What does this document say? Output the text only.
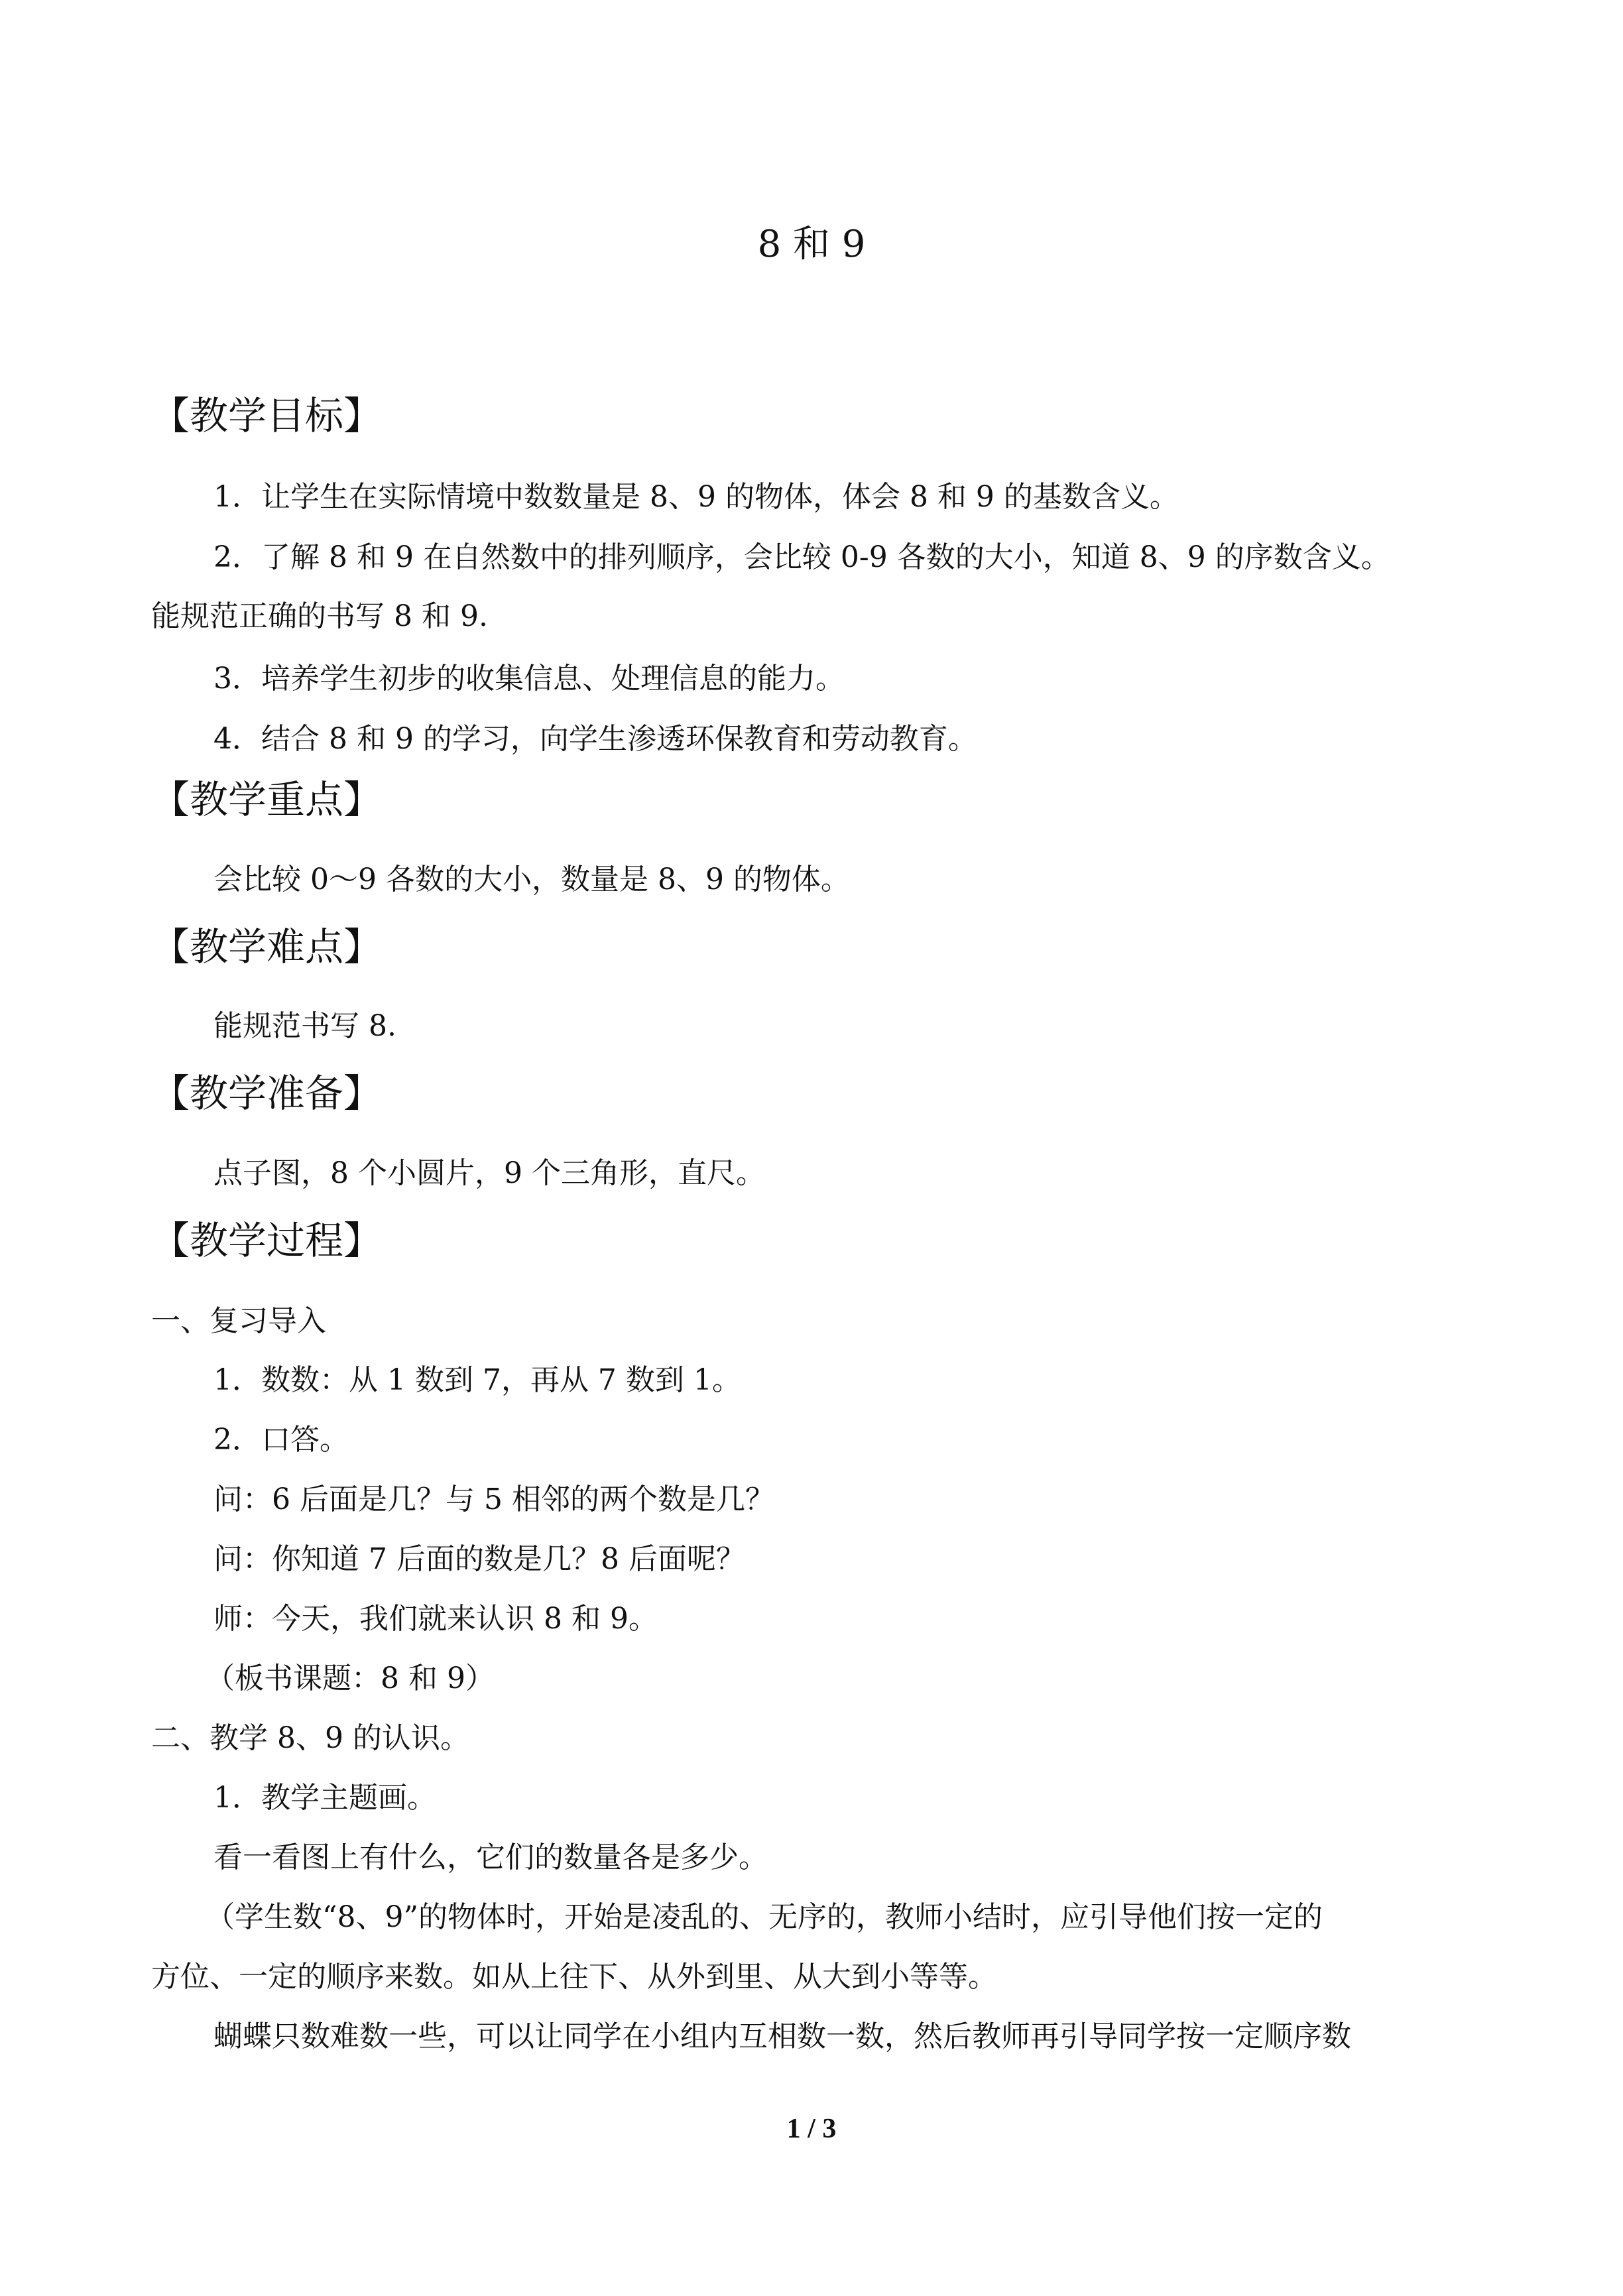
8 和 9
【教学目标】
1．让学生在实际情境中数数量是 8、9 的物体，体会 8 和 9 的基数含义。
2．了解 8 和 9 在自然数中的排列顺序，会比较 0-9 各数的大小，知道 8、9 的序数含义。
能规范正确的书写 8 和 9.
3．培养学生初步的收集信息、处理信息的能力。
4．结合 8 和 9 的学习，向学生渗透环保教育和劳动教育。
【教学重点】
会比较 0～9 各数的大小，数量是 8、9 的物体。
【教学难点】
能规范书写 8.
【教学准备】
点子图，8 个小圆片，9 个三角形，直尺。
【教学过程】
一、复习导入
1．数数：从 1 数到 7，再从 7 数到 1。
2．口答。
问：6 后面是几？与 5 相邻的两个数是几？
问：你知道 7 后面的数是几？8 后面呢？
师：今天，我们就来认识 8 和 9。
（板书课题：8 和 9）
二、教学 8、9 的认识。
1．教学主题画。
看一看图上有什么，它们的数量各是多少。
（学生数“8、9”的物体时，开始是凌乱的、无序的，教师小结时，应引导他们按一定的
方位、一定的顺序来数。如从上往下、从外到里、从大到小等等。
蝴蝶只数难数一些，可以让同学在小组内互相数一数，然后教师再引导同学按一定顺序数
1 / 3
